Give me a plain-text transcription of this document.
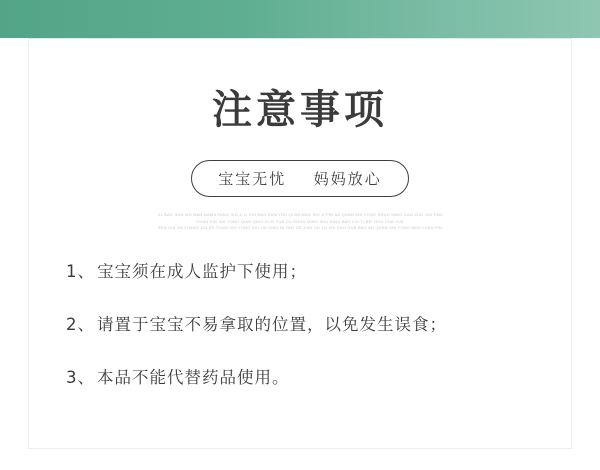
注意事项
宝宝无忧 妈妈放心
XL BAO XUN WU NAN MAMA FANG XIN JI LI ZHI BAO XUN YOU QI AN MAO SHI JI PIN AN QUAN SHI YONG SHUO MING CAO ZUO GUI FAN
CHAN PIN SHI YONG QIAN QING ZI XI YUE DU SHUO MING SHU BING BAO LIU YI BEI HOU CHA YUE
REN SHI JIA ZHANG ZAI ER TONG SHI YONG SHI JIN XING BI YAO DE JIAN HU YU ZHI DAO QUE BAO AN QUAN SHI YONG BEN CHAN PIN
1、 宝宝须在成人监护下使用；
2、 请置于宝宝不易拿取的位置，以免发生误食；
3、 本品不能代替药品使用。
